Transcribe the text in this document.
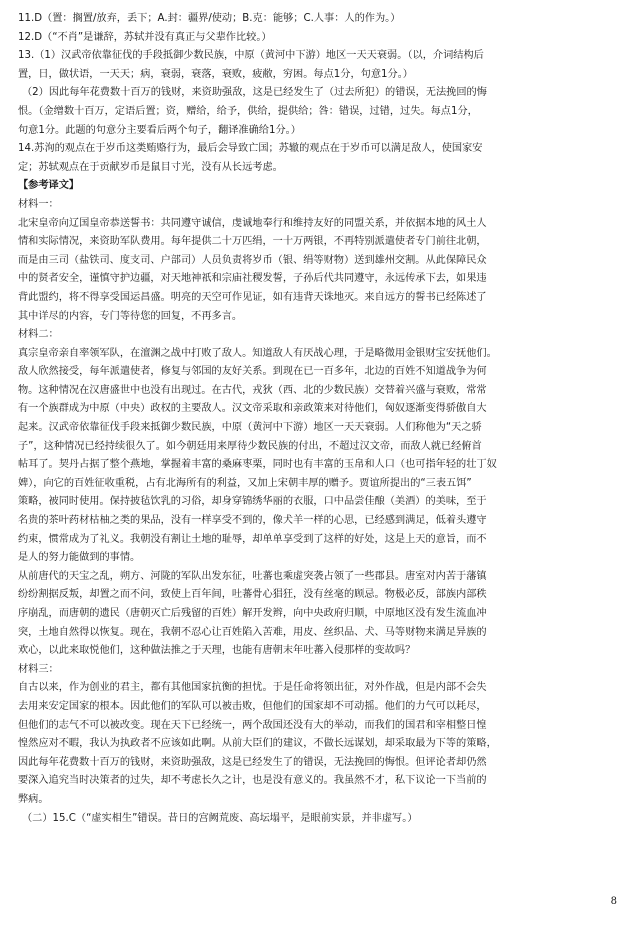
11.D（置：搁置/放弃，丢下；A.封：疆界/使动；B.克：能够；C.人事：人的作为。）
12.D（“不肖”是谦辞，苏轼并没有真正与父辈作比较。）
13.（1）汉武帝依靠征伐的手段抵御少数民族，中原（黄河中下游）地区一天天衰弱。（以，介词结构后
置，日，做状语，一天天；病，衰弱，衰落，衰败，疲敝，穷困。每点1分，句意1分。）
（2）因此每年花费数十百万的钱财，来资助强敌，这是已经发生了（过去所犯）的错误，无法挽回的悔
恨。（金缯数十百万，定语后置；资，赠给，给予，供给，提供给；咎：错误，过错，过失。每点1分，
句意1分。此题的句意分主要看后两个句子，翻译准确给1分。）
14.苏洵的观点在于岁币这类贿赂行为，最后会导致亡国；苏辙的观点在于岁币可以满足敌人，使国家安
定；苏轼观点在于贡献岁币是鼠目寸光，没有从长远考虑。
【参考译文】
材料一：
北宋皇帝向辽国皇帝恭送誓书：共同遵守诚信，虔诚地奉行和维持友好的同盟关系，并依据本地的风土人
情和实际情况，来资助军队费用。每年提供二十万匹绢，一十万两银，不再特别派遣使者专门前往北朝，
而是由三司（盐铁司、度支司、户部司）人员负责将岁币（银、绢等财物）送到雄州交割。从此保障民众
中的贤者安全，谨慎守护边疆，对天地神祇和宗庙社稷发誓，子孙后代共同遵守，永远传承下去，如果违
背此盟约，将不得享受国运昌盛。明亮的天空可作见证，如有违背天诛地灭。来自远方的誓书已经陈述了
其中详尽的内容，专门等待您的回复，不再多言。
材料二：
真宗皇帝亲自率领军队，在澶渊之战中打败了敌人。知道敌人有厌战心理，于是略微用金银财宝安抚他们。
敌人欣然接受，每年派遣使者，修复与邻国的友好关系。到现在已一百多年，北边的百姓不知道战争为何
物。这种情况在汉唐盛世中也没有出现过。在古代，戎狄（西、北的少数民族）交替着兴盛与衰败，常常
有一个族群成为中原（中央）政权的主要敌人。汉文帝采取和亲政策来对待他们，匈奴逐渐变得骄傲自大
起来。汉武帝依靠征伐手段来抵御少数民族，中原（黄河中下游）地区一天天衰弱。人们称他为“天之骄
子”，这种情况已经持续很久了。如今朝廷用来厚待少数民族的付出，不超过汉文帝，而敌人就已经俯首
帖耳了。契丹占据了整个燕地，掌握着丰富的桑麻枣栗，同时也有丰富的玉帛和人口（也可指年轻的壮丁奴
婢），向它的百姓征收重税，占有北海所有的利益，又加上宋朝丰厚的赠予。贾谊所提出的“三表五饵”
策略，被同时使用。保持披毡饮乳的习俗，却身穿锦绣华丽的衣服，口中品尝佳酿（美酒）的美味，至于
名贵的茶叶药材枯柚之类的果品，没有一样享受不到的，像犬羊一样的心思，已经感到满足，低着头遵守
约束，惯常成为了礼义。我朝没有割让土地的耻辱，却单单享受到了这样的好处，这是上天的意旨，而不
是人的努力能做到的事情。
从前唐代的天宝之乱，朔方、河陇的军队出发东征，吐蕃也乘虚突袭占领了一些郡县。唐室对内苦于藩镇
纷纷割据反叛，却置之而不问，致使上百年间，吐蕃骨心猖狂，没有丝毫的顾忌。物极必反，部族内部秩
序崩乱，而唐朝的遗民（唐朝灭亡后残留的百姓）解开发辫，向中央政府归顺，中原地区没有发生流血冲
突，土地自然得以恢复。现在，我朝不忍心让百姓陷入苦难，用皮、丝织品、犬、马等财物来满足异族的
欢心，以此来取悦他们，这种做法推之于天理，也能有唐朝末年吐蕃入侵那样的变故吗？
材料三：
自古以来，作为创业的君主，都有其他国家抗衡的担忧。于是任命将领出征，对外作战，但是内部不会失
去用来安定国家的根本。因此他们的军队可以被击败，但他们的国家却不可动摇。他们的力气可以耗尽，
但他们的志气不可以被改变。现在天下已经统一，两个敌国还没有大的举动，而我们的国君和宰相整日惶
惶然应对不暇，我认为执政者不应该如此啊。从前大臣们的建议，不做长远谋划，却采取最为下等的策略，
因此每年花费数十百万的钱财，来资助强敌，这是已经发生了的错误，无法挽回的悔恨。但评论者却仍然
要深入追究当时决策者的过失，却不考虑长久之计，也是没有意义的。我虽然不才，私下议论一下当前的
弊病。
（二）15.C（“虚实相生”错误。昔日的宫阙荒废、高坛塌平，是眼前实景，并非虚写。）
8
